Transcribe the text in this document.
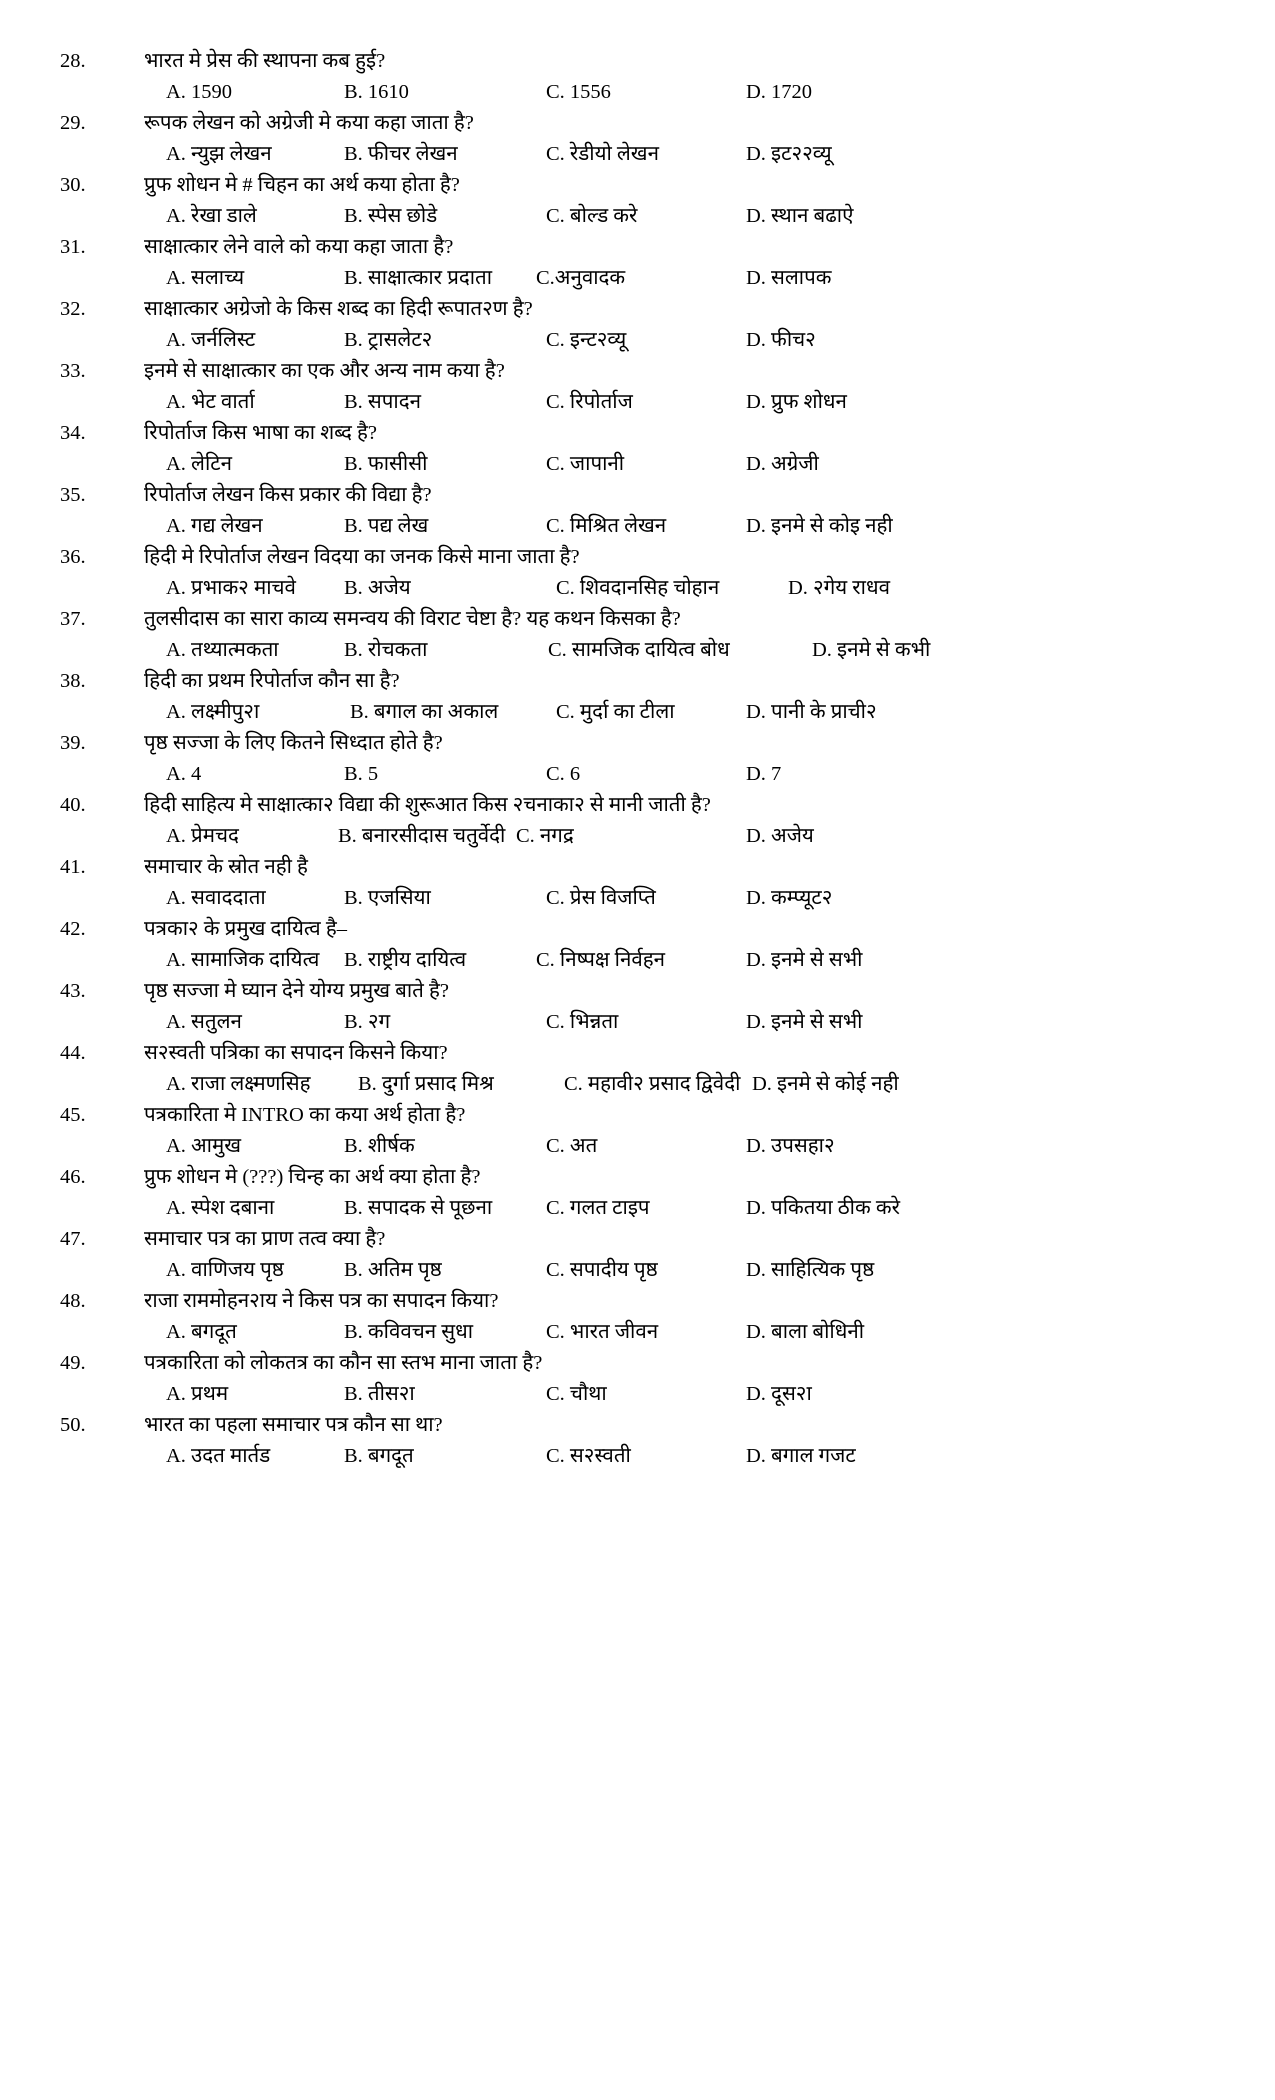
28.	भारत मे प्रेस की स्थापना कब हुई?
A. 1590	B. 1610	C. 1556	D. 1720
29.	रूपक लेखन को अग्रेजी मे कया कहा जाता है?
A. न्युझ लेखन	B. फीचर लेखन	C. रेडीयो लेखन	D. इट२२व्यू
30.	प्रुफ शोधन मे # चिहन का अर्थ कया होता है?
A. रेखा डाले	B. स्पेस छोडे	C. बोल्ड करे	D. स्थान बढाऐ
31.	साक्षात्कार लेने वाले को कया कहा जाता है?
A. सलाच्य	B. साक्षात्कार प्रदाता C.अनुवादक	D. सलापक
32.	साक्षात्कार अग्रेजो के किस शब्द का हिदी रूपात२ण है?
A. जर्नलिस्ट	B. ट्रासलेट२	C. इन्ट२व्यू	D. फीच२
33.	इनमे से साक्षात्कार का एक और अन्य नाम कया है?
A. भेट वार्ता	B. सपादन	C. रिपोर्ताज	D. प्रुफ शोधन
34.	रिपोर्ताज किस भाषा का शब्द है?
A. लेटिन	B. फासीसी	C. जापानी	D. अग्रेजी
35.	रिपोर्ताज लेखन किस प्रकार की विद्या है?
A. गद्य लेखन	B. पद्य लेख	C. मिश्रित लेखन	D. इनमे से कोइ नही
36.	हिदी मे रिपोर्ताज लेखन विदया का जनक किसे माना जाता है?
A. प्रभाक२ माचवे B. अजेय	C. शिवदानसिह चोहान	D. २गेय राधव
37.	तुलसीदास का सारा काव्य समन्वय की विराट चेष्टा है? यह कथन किसका है?
A. तथ्यात्मकता	B. रोचकता	C. सामजिक दायित्व बोध	D. इनमे से कभी
38.	हिदी का प्रथम रिपोर्ताज कौन सा है?
A. लक्ष्मीपु२ा	B. बगाल का अकाल	C. मुर्दा का टीला	D. पानी के प्राची२
39.	पृष्ठ सज्जा के लिए कितने सिध्दात होते है?
A. 4	B. 5	C. 6	D. 7
40.	हिदी साहित्य मे साक्षात्का२ विद्या की शुरूआत किस २चनाका२ से मानी जाती है?
A. प्रेमचद	B. बनारसीदास चतुर्वेदी C. नगद्र	D. अजेय
41.	समाचार के स्रोत नही है
A. सवाददाता	B. एजसिया	C. प्रेस विजप्ति	D. कम्प्यूट२
42.	पत्रका२ के प्रमुख दायित्व है–
A. सामाजिक दायित्व B. राष्ट्रीय दायित्व	C. निष्पक्ष निर्वहन	D. इनमे से सभी
43.	पृष्ठ सज्जा मे घ्यान देने योग्य प्रमुख बाते है?
A. सतुलन	B. २ग	C. भिन्नता	D. इनमे से सभी
44.	स२स्वती पत्रिका का सपादन किसने किया?
A. राजा लक्ष्मणसिह B. दुर्गा प्रसाद मिश्र	C. महावी२ प्रसाद द्विवेदी D. इनमे से कोई नही
45.	पत्रकारिता मे INTRO का कया अर्थ होता है?
A. आमुख	B. शीर्षक	C. अत	D. उपसहा२
46.	प्रुफ शोधन मे (???) चिन्ह का अर्थ क्या होता है?
A. स्पेश दबाना	B. सपादक से पूछना	C. गलत टाइप	D. पकितया ठीक करे
47.	समाचार पत्र का प्राण तत्व क्या है?
A. वाणिजय पृष्ठ	B. अतिम पृष्ठ	C. सपादीय पृष्ठ	D. साहित्यिक पृष्ठ
48.	राजा राममोहन२ाय ने किस पत्र का सपादन किया?
A. बगदूत	B. कविवचन सुधा	C. भारत जीवन	D. बाला बोधिनी
49.	पत्रकारिता को लोकतत्र का कौन सा स्तभ माना जाता है?
A. प्रथम	B. तीस२ा	C. चौथा	D. दूस२ा
50.	भारत का पहला समाचार पत्र कौन सा था?
A. उदत मार्तड	B. बगदूत	C. स२स्वती	D. बगाल गजट
